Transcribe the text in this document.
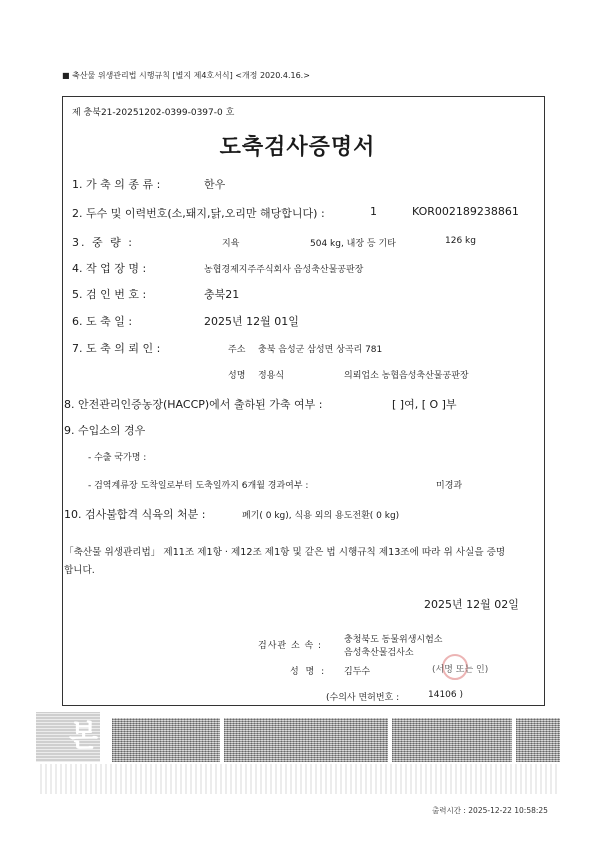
■ 축산물 위생관리법 시행규칙 [별지 제4호서식] <개정 2020.4.16.>
제 충북21-20251202-0399-0397-0 호
도축검사증명서
1. 가 축 의 종 류 :	한우
2. 두수 및 이력번호(소,돼지,닭,오리만 해당합니다) :	1	KOR002189238861
3. 중 량 :	지육	504 kg, 내장 등 기타	126 kg
4. 작 업 장 명 :	농협경제지주주식회사 음성축산물공판장
5. 검 인 번 호 :	충북21
6. 도 축 일 :	2025년 12월 01일
7. 도 축 의 뢰 인 :	주소 충북 음성군 삼성면 상곡리 781
성명 정용식	의뢰업소 농협음성축산물공판장
8. 안전관리인증농장(HACCP)에서 출하된 가축 여부 :	[ ]여, [ O ]부
9. 수입소의 경우
- 수출 국가명 :
- 검역계류장 도착일로부터 도축일까지 6개월 경과여부 :	미경과
10. 검사불합격 식육의 처분 :	폐기( 0 kg), 식용 외의 용도전환( 0 kg)
「축산물 위생관리법」 제11조 제1항 · 제12조 제1항 및 같은 법 시행규칙 제13조에 따라 위 사실을 증명
합니다.
2025년 12월 02일
검사관 소 속 :
충청북도 동물위생시험소
음성축산물검사소
성 명 : 김두수	(서명 또는 인)
(수의사 면허번호 :	14106 )
본
출력시간 : 2025-12-22 10:58:25
